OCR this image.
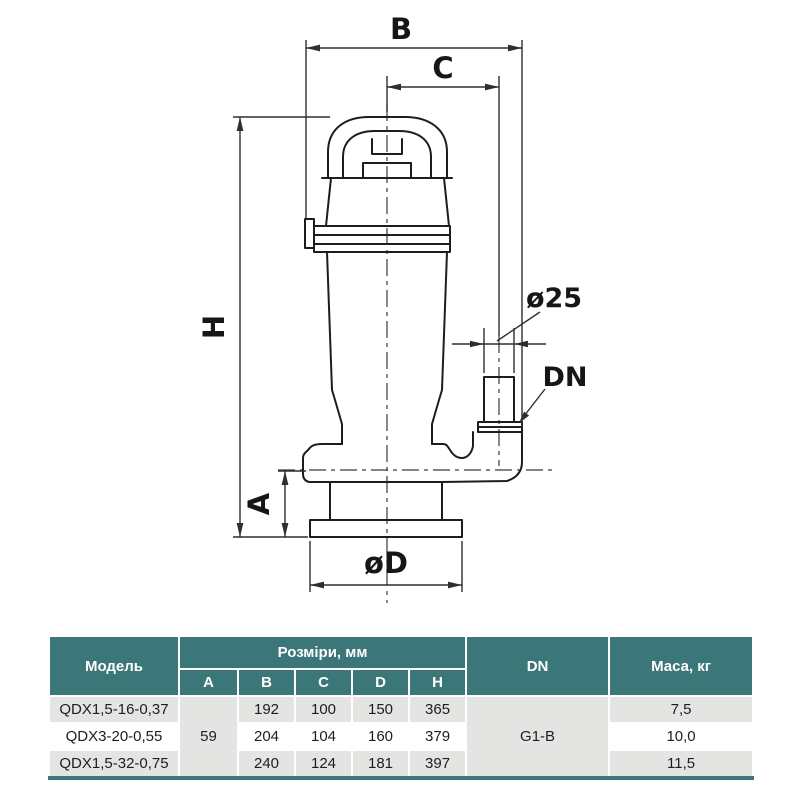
B
C
H
A
øD
ø25
DN
Модель	Розміри, мм					DN	Маса, кг
	A	B	C	D	H		
QDX1,5-16-0,37	59	192	100	150	365	G1-B	7,5
QDX3-20-0,55		204	104	160	379		10,0
QDX1,5-32-0,75		240	124	181	397		11,5
